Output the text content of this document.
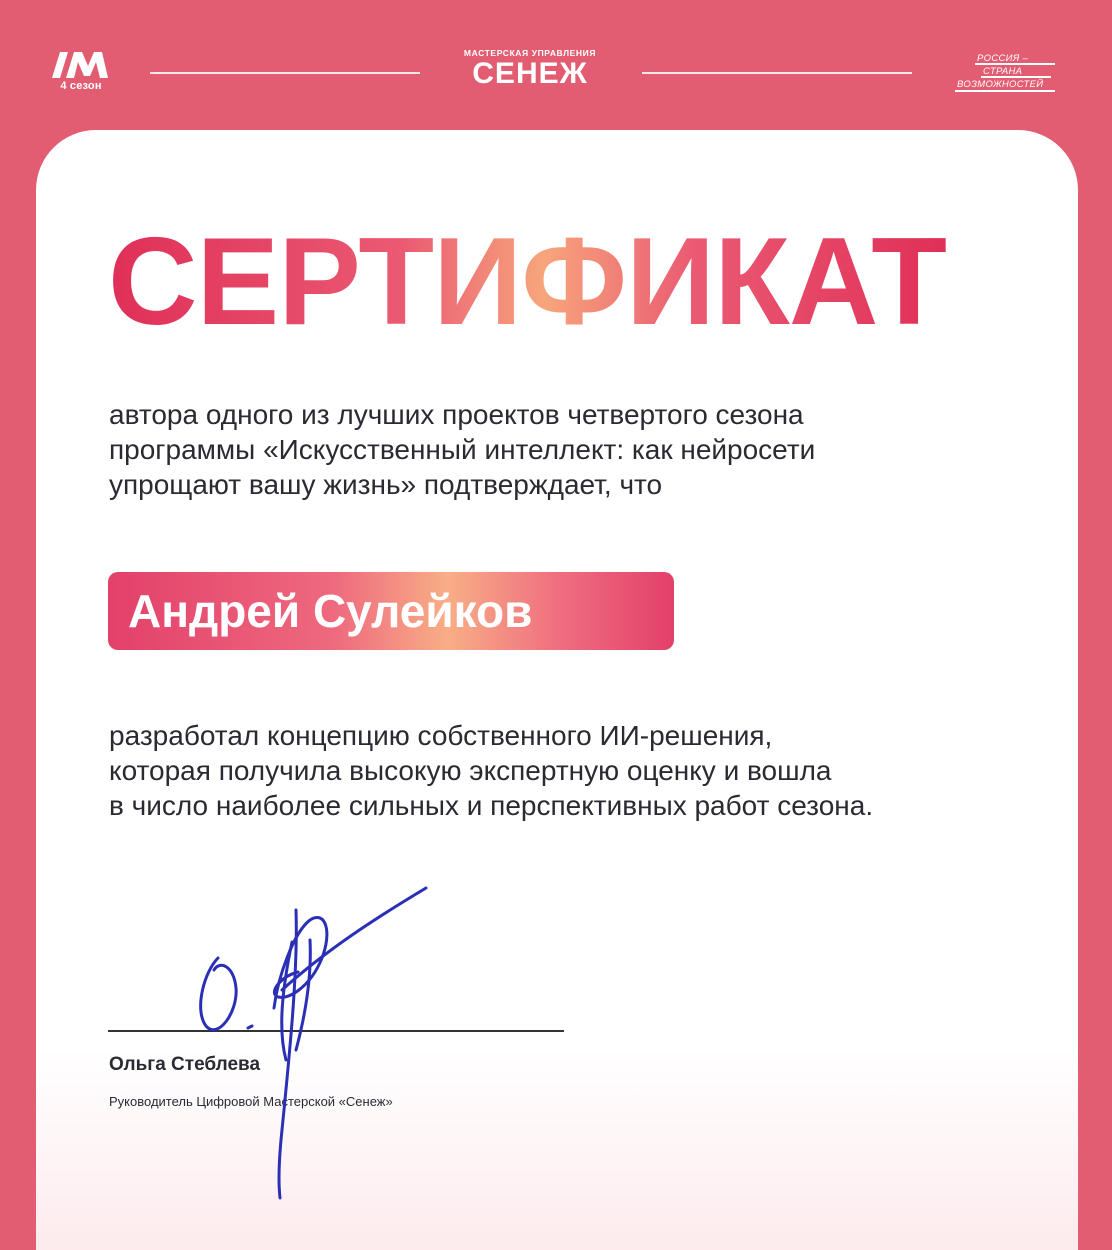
4 сезон
МАСТЕРСКАЯ УПРАВЛЕНИЯ
СЕНЕЖ	РОССИЯ –
СТРАНА
ВОЗМОЖНОСТЕЙ
СЕРТИФИКАТ

автора одного из лучших проектов четвертого сезона
программы «Искусственный интеллект: как нейросети
упрощают вашу жизнь» подтверждает, что

Андрей Сулейков

разработал концепцию собственного ИИ-решения,
которая получила высокую экспертную оценку и вошла
в число наиболее сильных и перспективных работ сезона.

Ольга Стеблева
Руководитель Цифровой Мастерской «Сенеж»
